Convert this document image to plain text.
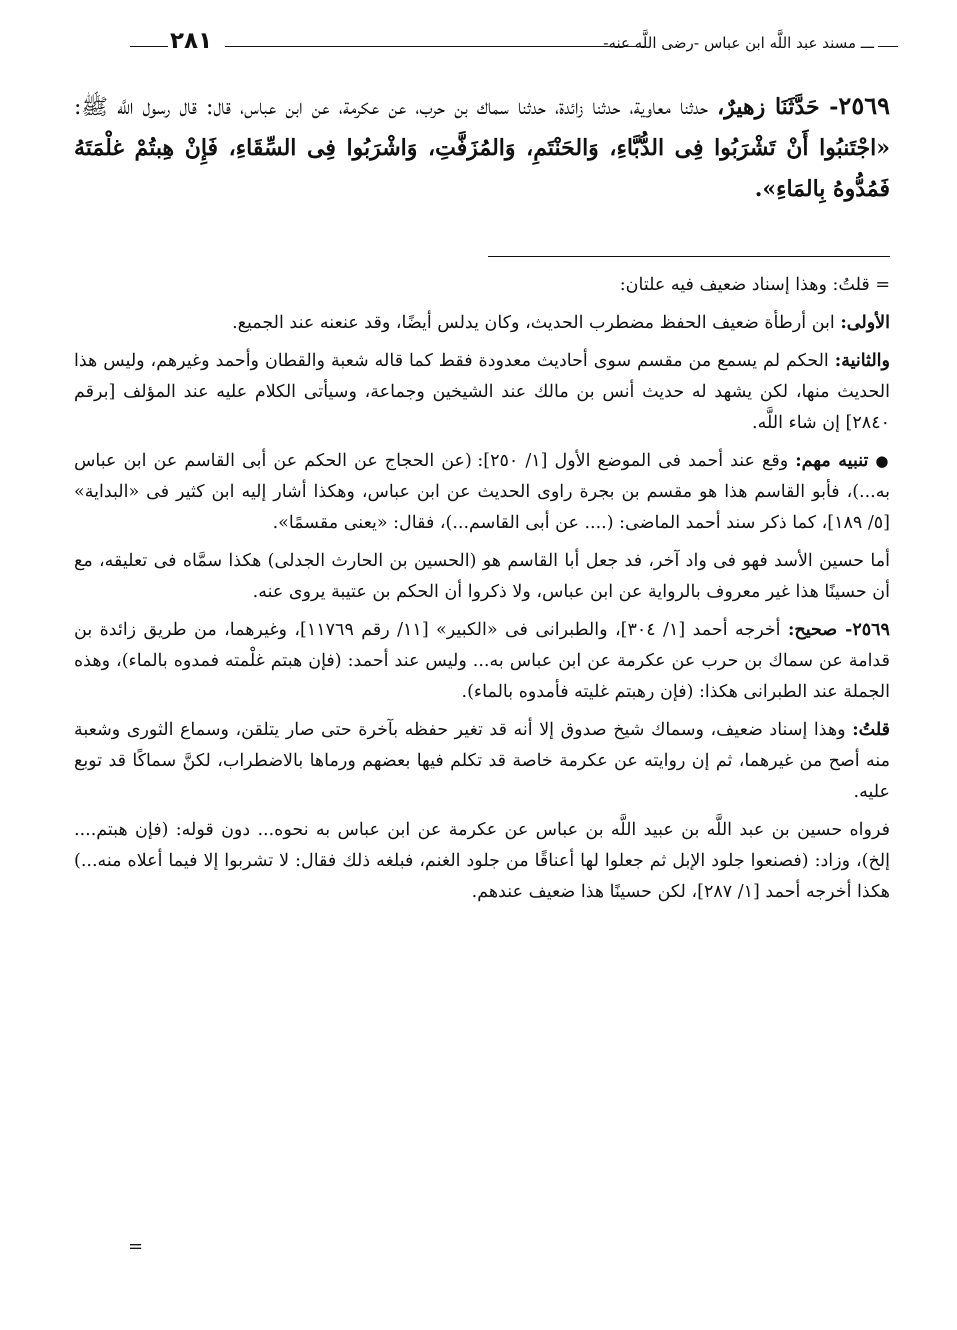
ـــ مسند عبد اللَّه ابن عباس -رضى اللَّه عنه-
٢٨١
٢٥٦٩- حَدَّثَنَا زهيرٌ، حدثنا معاوية، حدثنا زائدة، حدثنا سماك بن حرب، عن عكرمة، عن ابن عباس، قال: قال رسول اللَّه ﷺ: «اجْتَنبُوا أَنْ تَشْرَبُوا فِى الدُّبَّاءِ، وَالحَنْتَمِ، وَالمُزَفَّتِ، وَاشْرَبُوا فِى السِّقَاءِ، فَإِنْ هِبتُمْ غلْمَتَهُ فَمُدُّوهُ بِالمَاءِ».

= قلتُ: وهذا إسناد ضعيف فيه علتان:

الأولى: ابن أرطأة ضعيف الحفظ مضطرب الحديث، وكان يدلس أيضًا، وقد عنعنه عند الجميع.

والثانية: الحكم لم يسمع من مقسم سوى أحاديث معدودة فقط كما قاله شعبة والقطان وأحمد وغيرهم، وليس هذا الحديث منها، لكن يشهد له حديث أنس بن مالك عند الشيخين وجماعة، وسيأتى الكلام عليه عند المؤلف [برقم ٢٨٤٠] إن شاء اللَّه.

● تنبيه مهم: وقع عند أحمد فى الموضع الأول [١/ ٢٥٠]: (عن الحجاج عن الحكم عن أبى القاسم عن ابن عباس به...)، فأبو القاسم هذا هو مقسم بن بجرة راوى الحديث عن ابن عباس، وهكذا أشار إليه ابن كثير فى «البداية» [٥/ ١٨٩]، كما ذكر سند أحمد الماضى: (.... عن أبى القاسم...)، فقال: «يعنى مقسمًا».

أما حسين الأسد فهو فى واد آخر، فد جعل أبا القاسم هو (الحسين بن الحارث الجدلى) هكذا سمَّاه فى تعليقه، مع أن حسينًا هذا غير معروف بالرواية عن ابن عباس، ولا ذكروا أن الحكم بن عتيبة يروى عنه.

٢٥٦٩- صحيح: أخرجه أحمد [١/ ٣٠٤]، والطبرانى فى «الكبير» [١١/ رقم ١١٧٦٩]، وغيرهما، من طريق زائدة بن قدامة عن سماك بن حرب عن عكرمة عن ابن عباس به... وليس عند أحمد: (فإن هبتم غلْمته فمدوه بالماء)، وهذه الجملة عند الطبرانى هكذا: (فإن رهبتم غليته فأمدوه بالماء).

قلتُ: وهذا إسناد ضعيف، وسماك شيخ صدوق إلا أنه قد تغير حفظه بآخرة حتى صار يتلقن، وسماع الثورى وشعبة منه أصح من غيرهما، ثم إن روايته عن عكرمة خاصة قد تكلم فيها بعضهم ورماها بالاضطراب، لكنَّ سماكًا قد توبع عليه.

فرواه حسين بن عبد اللَّه بن عبيد اللَّه بن عباس عن عكرمة عن ابن عباس به نحوه... دون قوله: (فإن هبتم.... إلخ)، وزاد: (فصنعوا جلود الإبل ثم جعلوا لها أعناقًا من جلود الغنم، فبلغه ذلك فقال: لا تشربوا إلا فيما أعلاه منه...) هكذا أخرجه أحمد [١/ ٢٨٧]، لكن حسينًا هذا ضعيف عندهم.

=
